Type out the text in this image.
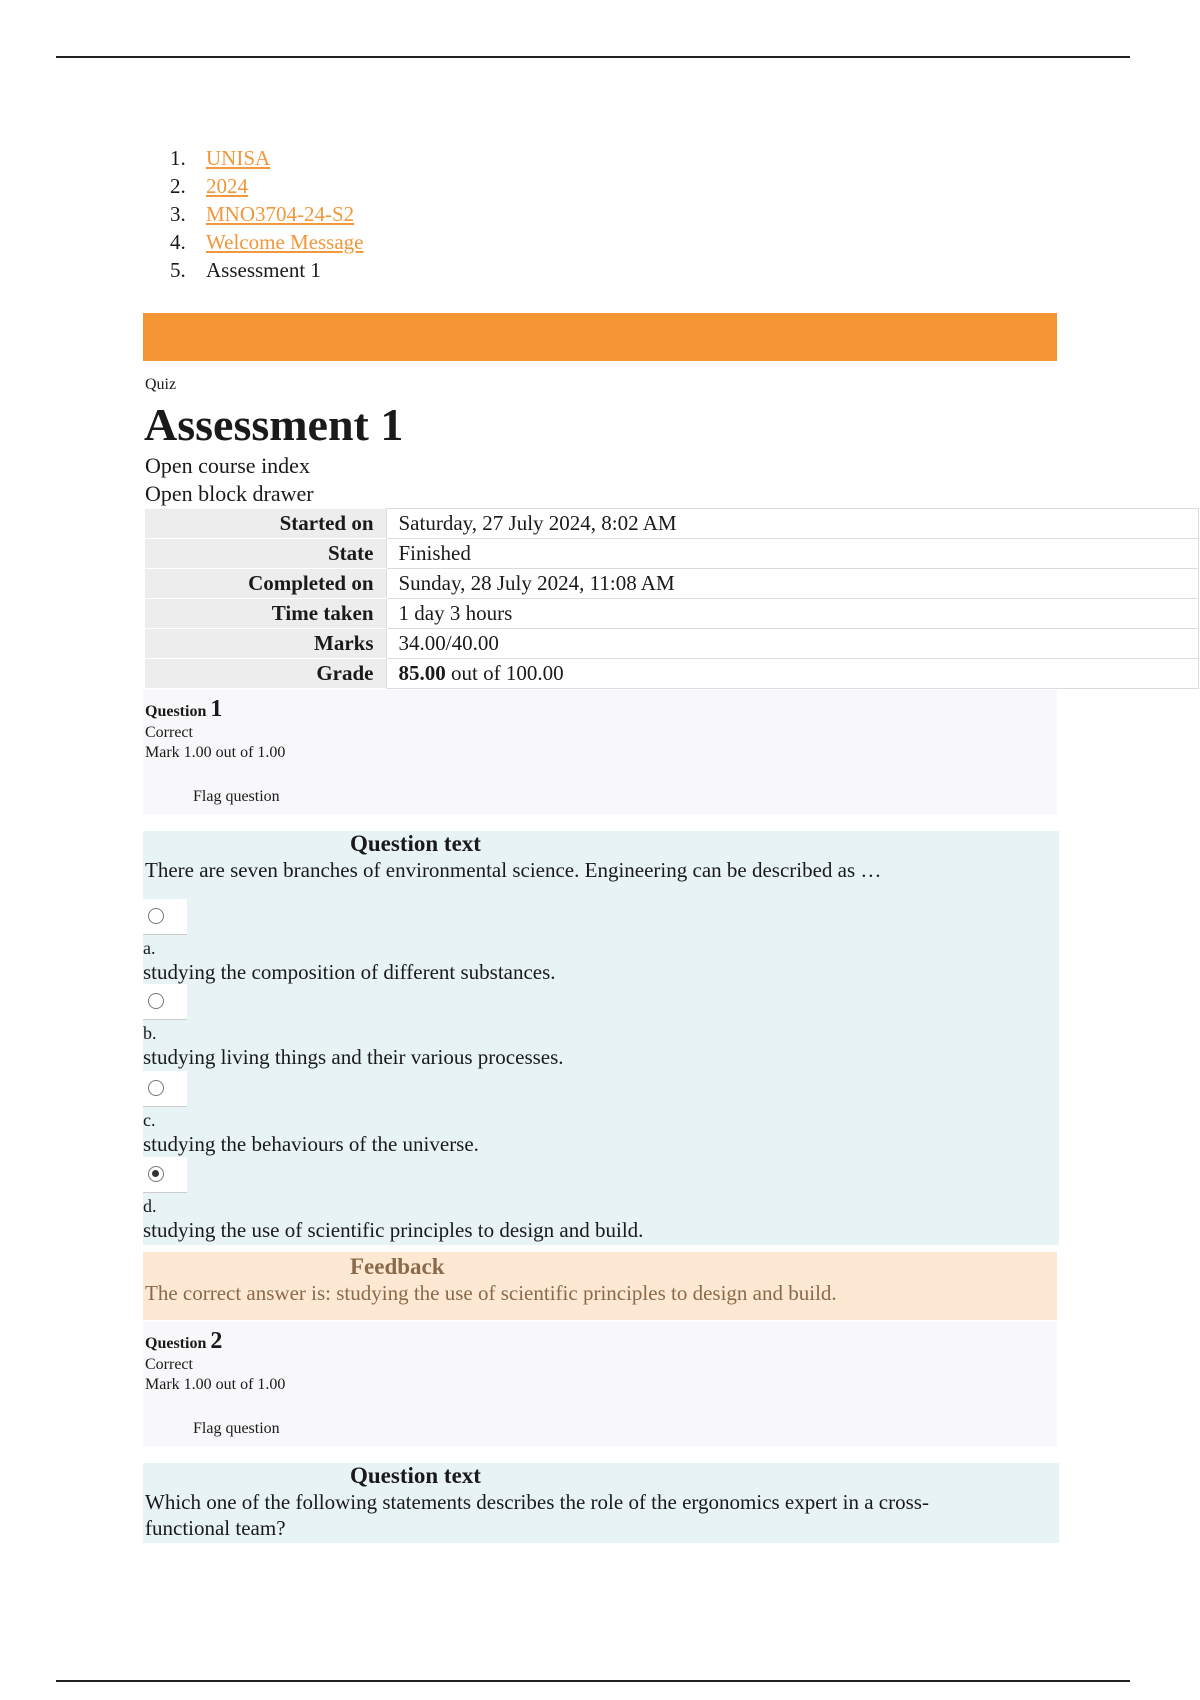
1. UNISA
2. 2024
3. MNO3704-24-S2
4. Welcome Message
5. Assessment 1
Quiz
Assessment 1
Open course index
Open block drawer
Started on	Saturday, 27 July 2024, 8:02 AM
State	Finished
Completed on	Sunday, 28 July 2024, 11:08 AM
Time taken	1 day 3 hours
Marks	34.00/40.00
Grade	85.00 out of 100.00
Question 1
Correct
Mark 1.00 out of 1.00
Flag question
Question text
There are seven branches of environmental science. Engineering can be described as …
a.
studying the composition of different substances.
b.
studying living things and their various processes.
c.
studying the behaviours of the universe.
d.
studying the use of scientific principles to design and build.
Feedback
The correct answer is: studying the use of scientific principles to design and build.
Question 2
Correct
Mark 1.00 out of 1.00
Flag question
Question text
Which one of the following statements describes the role of the ergonomics expert in a cross-
functional team?
